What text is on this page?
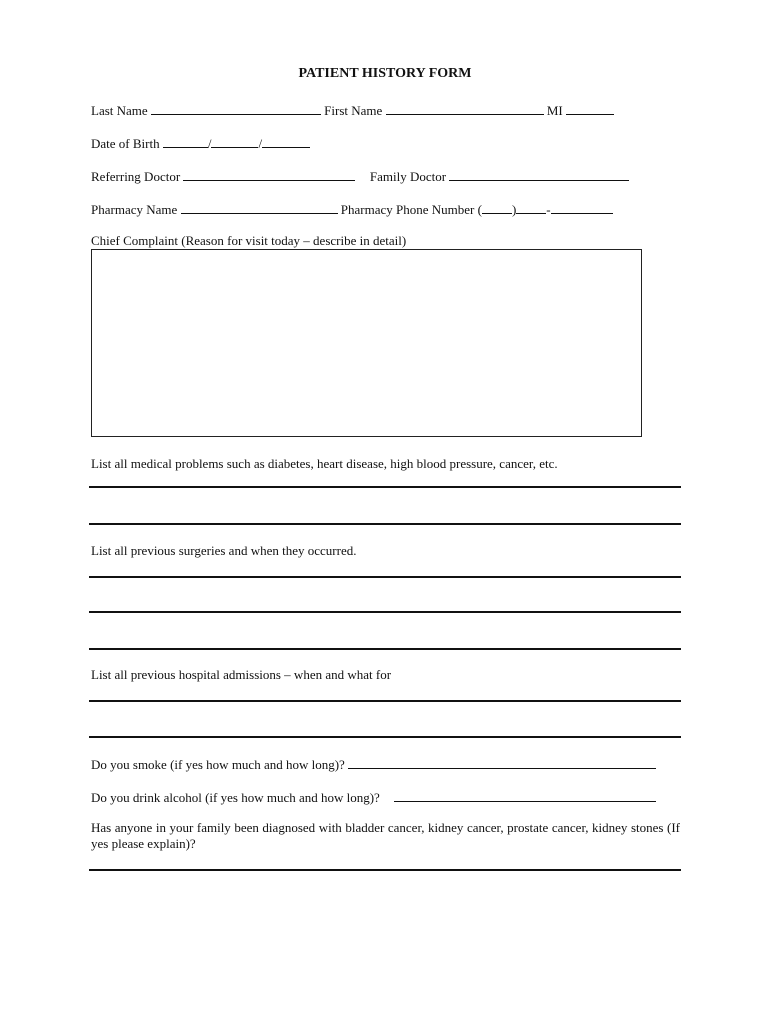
PATIENT HISTORY FORM
Last Name	First Name	MI
Date of Birth	/	/
Referring Doctor	Family Doctor
Pharmacy Name	Pharmacy Phone Number ( ) -
Chief Complaint (Reason for visit today – describe in detail)
List all medical problems such as diabetes, heart disease, high blood pressure, cancer, etc.
List all previous surgeries and when they occurred.
List all previous hospital admissions – when and what for
Do you smoke (if yes how much and how long)?
Do you drink alcohol (if yes how much and how long)?
Has anyone in your family been diagnosed with bladder cancer, kidney cancer, prostate cancer, kidney stones (If yes please explain)?
